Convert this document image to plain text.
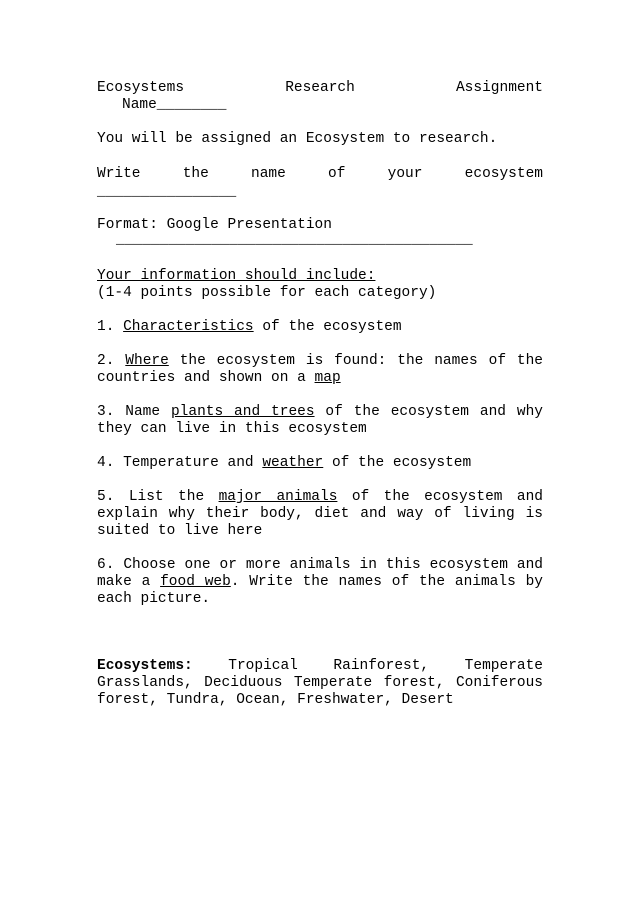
Ecosystems	Research	Assignment
Name________
You will be assigned an Ecosystem to research.
Write	the	name	of	your	ecosystem
________________
Format: Google Presentation
_________________________________________
Your information should include:
(1-4 points possible for each category)
1. Characteristics of the ecosystem
2. Where the ecosystem is found: the names of the countries and shown on a map
3. Name plants and trees of the ecosystem and why they can live in this ecosystem
4. Temperature and weather of the ecosystem
5. List the major animals of the ecosystem and explain why their body, diet and way of living is suited to live here
6. Choose one or more animals in this ecosystem and make a food web. Write the names of the animals by each picture.
Ecosystems: Tropical Rainforest, Temperate Grasslands, Deciduous Temperate forest, Coniferous forest, Tundra, Ocean, Freshwater, Desert
